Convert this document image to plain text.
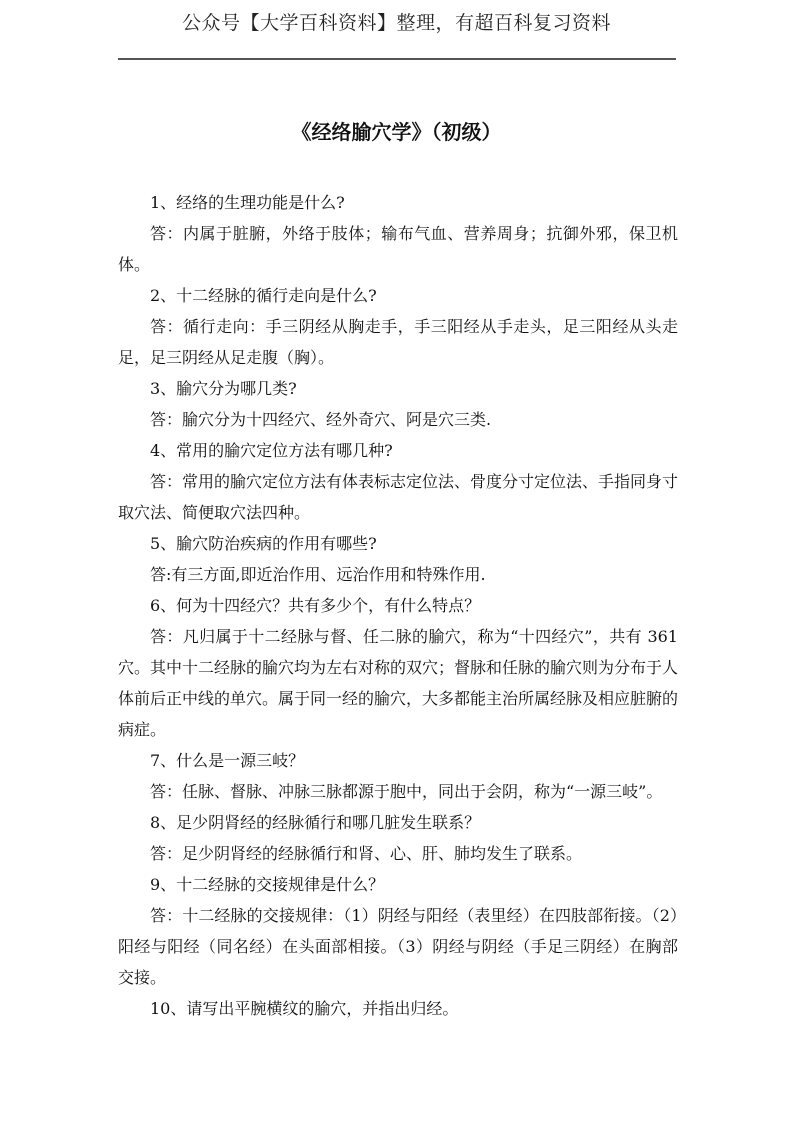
公众号【大学百科资料】整理，有超百科复习资料
《经络腧穴学》（初级）

1、经络的生理功能是什么?

答：内属于脏腑，外络于肢体；输布气血、营养周身；抗御外邪，保卫机体。

2、十二经脉的循行走向是什么?

答：循行走向：手三阴经从胸走手，手三阳经从手走头，足三阳经从头走足，足三阴经从足走腹（胸）。

3、腧穴分为哪几类?

答：腧穴分为十四经穴、经外奇穴、阿是穴三类.

4、常用的腧穴定位方法有哪几种?

答：常用的腧穴定位方法有体表标志定位法、骨度分寸定位法、手指同身寸取穴法、简便取穴法四种。

5、腧穴防治疾病的作用有哪些?

答:有三方面,即近治作用、远治作用和特殊作用.

6、何为十四经穴？共有多少个，有什么特点？

答：凡归属于十二经脉与督、任二脉的腧穴，称为“十四经穴”，共有 361 穴。其中十二经脉的腧穴均为左右对称的双穴；督脉和任脉的腧穴则为分布于人体前后正中线的单穴。属于同一经的腧穴，大多都能主治所属经脉及相应脏腑的病症。

7、什么是一源三岐？

答：任脉、督脉、冲脉三脉都源于胞中，同出于会阴，称为“一源三岐”。

8、足少阴肾经的经脉循行和哪几脏发生联系？

答：足少阴肾经的经脉循行和肾、心、肝、肺均发生了联系。

9、十二经脉的交接规律是什么？

答：十二经脉的交接规律：（1）阴经与阳经（表里经）在四肢部衔接。（2）阳经与阳经（同名经）在头面部相接。（3）阴经与阴经（手足三阴经）在胸部交接。

10、请写出平腕横纹的腧穴，并指出归经。
